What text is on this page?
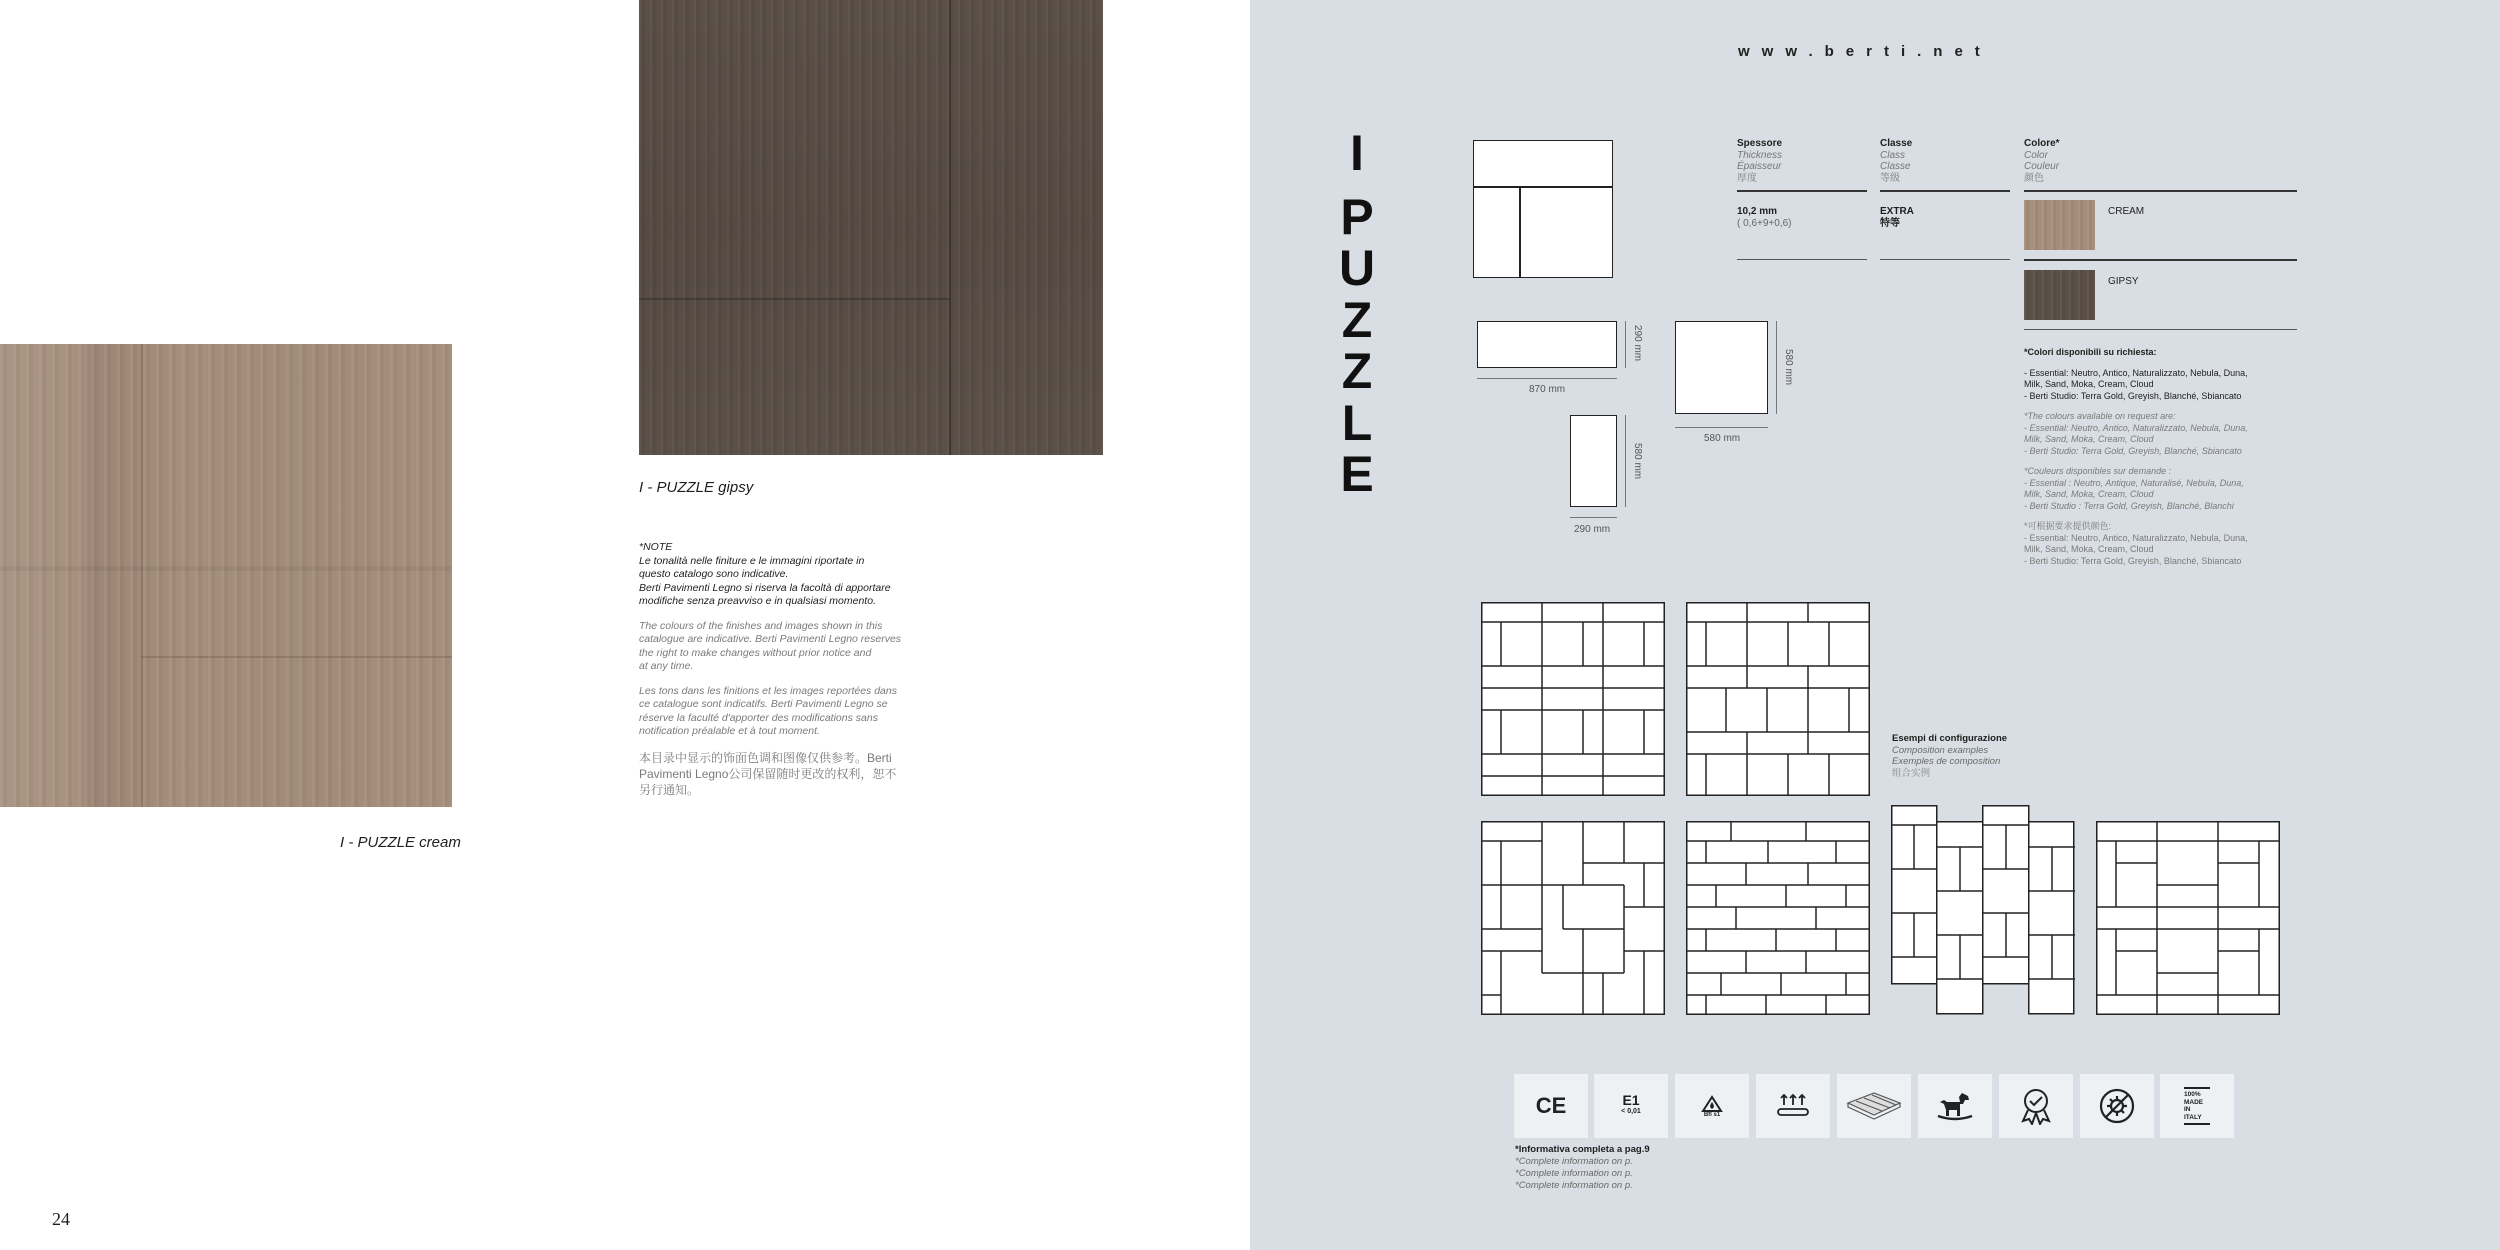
I - PUZZLE cream
I - PUZZLE gipsy

*NOTE

Le tonalità nelle finiture e le immagini riportate in
questo catalogo sono indicative.
Berti Pavimenti Legno si riserva la facoltà di apportare
modifiche senza preavviso e in qualsiasi momento.

The colours of the finishes and images shown in this
catalogue are indicative. Berti Pavimenti Legno reserves
the right to make changes without prior notice and
at any time.

Les tons dans les finitions et les images reportées dans
ce catalogue sont indicatifs. Berti Pavimenti Legno se
réserve la faculté d'apporter des modifications sans
notification préalable et à tout moment.

本目录中显示的饰面色调和图像仅供参考。Berti
Pavimenti Legno公司保留随时更改的权利，恕不
另行通知。

24
www.berti.net
I
P
U
Z
Z
L
E
870 mm
290 mm
580 mm
580 mm
290 mm
580 mm
Spessore
Thickness
Épaisseur
厚度
10,2 mm
( 0,6+9+0,6)
Classe
Class
Classe
等级
EXTRA
特等
Colore*
Color
Couleur
颜色
CREAM
GIPSY

*Colori disponibili su richiesta:

- Essential: Neutro, Antico, Naturalizzato, Nebula, Duna,
Milk, Sand, Moka, Cream, Cloud
- Berti Studio: Terra Gold, Greyish, Blanché, Sbiancato

*The colours available on request are:
- Essential: Neutro, Antico, Naturalizzato, Nebula, Duna,
Milk, Sand, Moka, Cream, Cloud
- Berti Studio: Terra Gold, Greyish, Blanché, Sbiancato

*Couleurs disponibles sur demande :
- Essential : Neutro, Antique, Naturalisé, Nebula, Duna,
Milk, Sand, Moka, Cream, Cloud
- Berti Studio : Terra Gold, Greyish, Blanché, Blanchi

*可根据要求提供颜色:
- Essential: Neutro, Antico, Naturalizzato, Nebula, Duna,
Milk, Sand, Moka, Cream, Cloud
- Berti Studio: Terra Gold, Greyish, Blanché, Sbiancato

Esempi di configurazione
Composition examples
Exemples de composition
组合实例
CE	E1
< 0,01	Bfl s1
100% MADE IN ITALY
*Informativa completa a pag.9
*Complete information on p.
*Complete information on p.
*Complete information on p.
